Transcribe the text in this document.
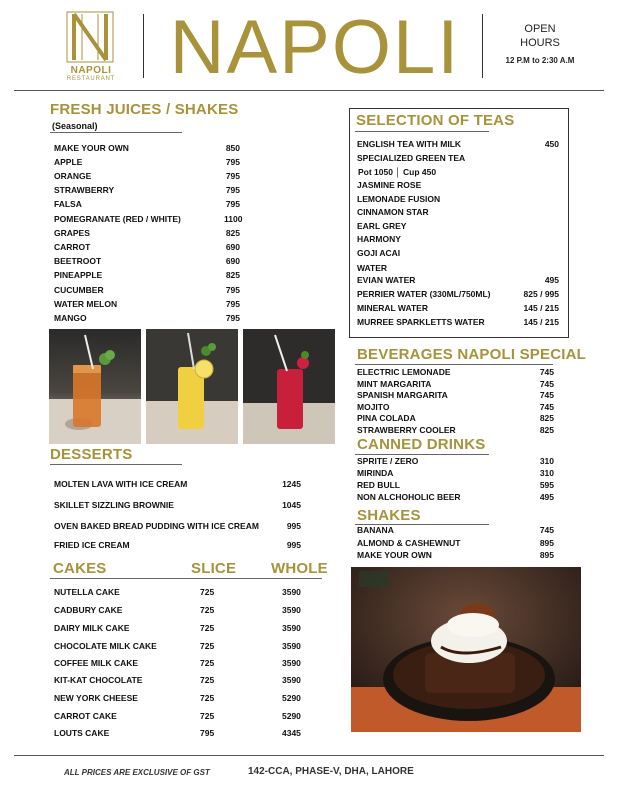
NAPOLI
RESTAURANT NAPOLI	OPEN
HOURS
12 P.M to 2:30 A.M
FRESH JUICES / SHAKES
(Seasonal)
MAKE YOUR OWN	850
APPLE	795
ORANGE	795
STRAWBERRY	795
FALSA	795
POMEGRANATE (RED / WHITE)	1100
GRAPES	825
CARROT	690
BEETROOT	690
PINEAPPLE	825
CUCUMBER	795
WATER MELON	795
MANGO	795
DESSERTS
MOLTEN LAVA WITH ICE CREAM	1245
SKILLET SIZZLING BROWNIE	1045
OVEN BAKED BREAD PUDDING WITH ICE CREAM	995
FRIED ICE CREAM	995
CAKES	SLICE WHOLE
NUTELLA CAKE	725	3590
CADBURY CAKE	725	3590
DAIRY MILK CAKE	725	3590
CHOCOLATE MILK CAKE	725	3590
COFFEE MILK CAKE	725	3590
KIT-KAT CHOCOLATE	725	3590
NEW YORK CHEESE	725	5290
CARROT CAKE	725	5290
LOUTS CAKE	795	4345
SELECTION OF TEAS
ENGLISH TEA WITH MILK	450
SPECIALIZED GREEN TEA
Pot 1050 │ Cup 450
JASMINE ROSE
LEMONADE FUSION
CINNAMON STAR
EARL GREY
HARMONY
GOJI ACAI
WATER
EVIAN WATER	495
PERRIER WATER (330ML/750ML)	825 / 995
MINERAL WATER	145 / 215
MURREE SPARKLETTS WATER	145 / 215
BEVERAGES NAPOLI SPECIAL
ELECTRIC LEMONADE	745
MINT MARGARITA	745
SPANISH MARGARITA	745
MOJITO	745
PINA COLADA	825
STRAWBERRY COOLER	825
CANNED DRINKS
SPRITE / ZERO	310
MIRINDA	310
RED BULL	595
NON ALCHOHOLIC BEER	495
SHAKES
BANANA	745
ALMOND & CASHEWNUT	895
MAKE YOUR OWN	895
ALL PRICES ARE EXCLUSIVE OF GST	142-CCA, PHASE-V, DHA, LAHORE
